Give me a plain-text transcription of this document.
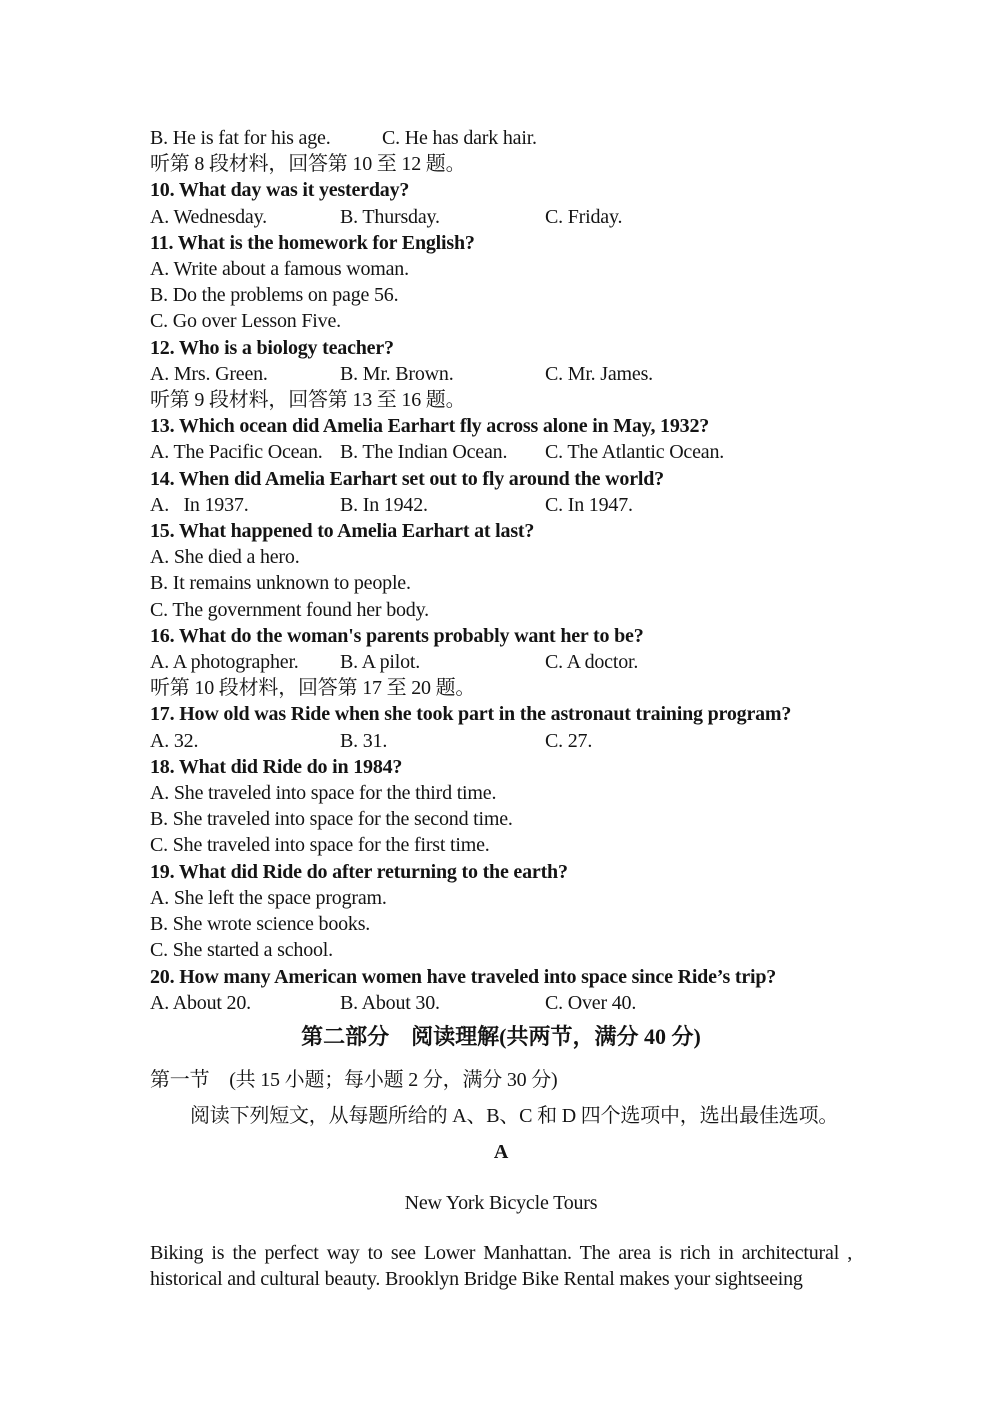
B. He is fat for his age.	C. He has dark hair.
听第 8 段材料，回答第 10 至 12 题。
10. What day was it yesterday?
A. Wednesday.	B. Thursday.	C. Friday.
11. What is the homework for English?
A. Write about a famous woman.
B. Do the problems on page 56.
C. Go over Lesson Five.
12. Who is a biology teacher?
A. Mrs. Green.	B. Mr. Brown.	C. Mr. James.
听第 9 段材料，回答第 13 至 16 题。
13. Which ocean did Amelia Earhart fly across alone in May, 1932?
A. The Pacific Ocean. B. The Indian Ocean.	C. The Atlantic Ocean.
14. When did Amelia Earhart set out to fly around the world?
A.   In 1937.	B. In 1942.	C. In 1947.
15. What happened to Amelia Earhart at last?
A. She died a hero.
B. It remains unknown to people.
C. The government found her body.
16. What do the woman's parents probably want her to be?
A. A photographer.	B. A pilot.	C. A doctor.
听第 10 段材料，回答第 17 至 20 题。
17. How old was Ride when she took part in the astronaut training program?
A. 32.	B. 31.	C. 27.
18. What did Ride do in 1984?
A. She traveled into space for the third time.
B. She traveled into space for the second time.
C. She traveled into space for the first time.
19. What did Ride do after returning to the earth?
A. She left the space program.
B. She wrote science books.
C. She started a school.
20. How many American women have traveled into space since Ride’s trip?
A. About 20.	B. About 30.	C. Over 40.
第二部分　阅读理解(共两节，满分 40 分)
第一节　(共 15 小题；每小题 2 分，满分 30 分)
阅读下列短文，从每题所给的 A、B、C 和 D 四个选项中，选出最佳选项。
A
New York Bicycle Tours
Biking is the perfect way to see Lower Manhattan. The area is rich in architectural ,
historical and cultural beauty. Brooklyn Bridge Bike Rental makes your sightseeing
